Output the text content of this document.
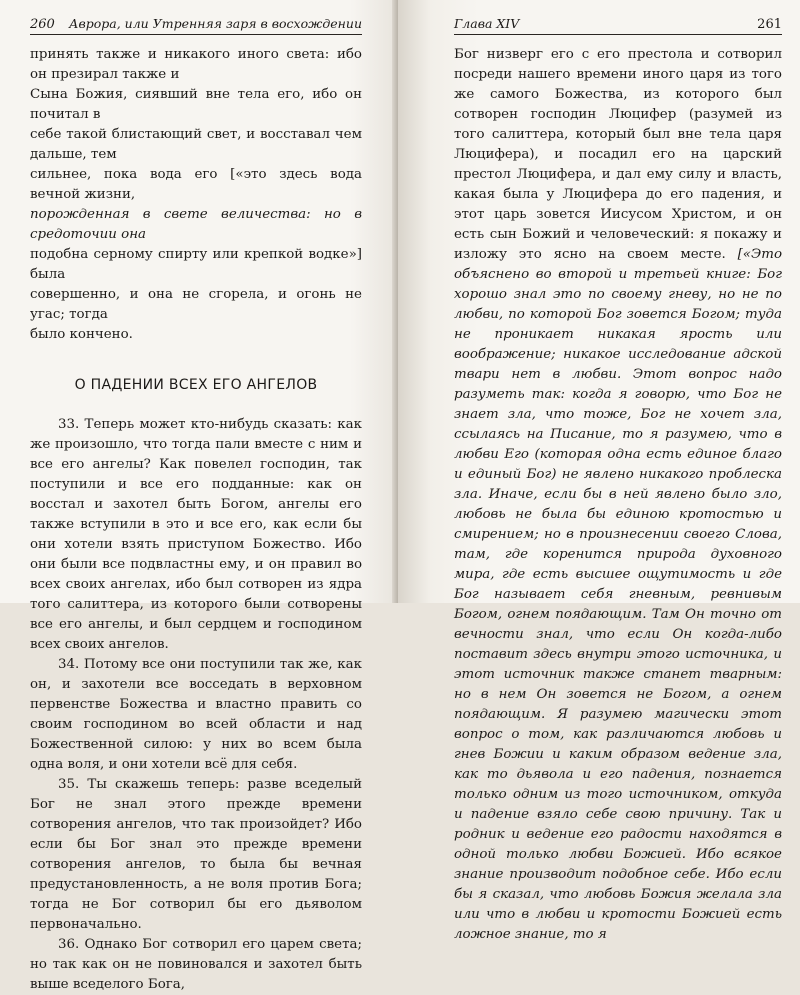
260 Аврора, или Утренняя заря в восхождении

принять также и никакого иного света: ибо он презирал также и

Сына Божия, сиявший вне тела его, ибо он почитал в

себе такой блистающий свет, и восставал чем дальше, тем

сильнее, пока вода его [«это здесь вода вечной жизни,

порожденная в свете величества: но в средоточии она

подобна серному спирту или крепкой водке»] была

совершенно, и она не сгорела, и огонь не угас; тогда

было кончено.

О ПАДЕНИИ ВСЕХ ЕГО АНГЕЛОВ

33. Теперь может кто-нибудь сказать: как же произошло, что тогда пали вместе с ним и все его ангелы? Как повелел господин, так поступили и все его подданные: как он восстал и захотел быть Богом, ангелы его также вступили в это и все его, как если бы они хотели взять приступом Божество. Ибо они были все подвластны ему, и он правил во всех своих ангелах, ибо был сотворен из ядра того салиттера, из которого были сотворены все его ангелы, и был сердцем и господином всех своих ангелов.

34. Потому все они поступили так же, как он, и захотели все восседать в верховном первенстве Божества и властно править со своим господином во всей области и над Божественной силою: у них во всем была одна воля, и они хотели всё для себя.

35. Ты скажешь теперь: разве вседелый Бог не знал этого прежде времени сотворения ангелов, что так произойдет? Ибо если бы Бог знал это прежде времени сотворения ангелов, то была бы вечная предустановленность, а не воля против Бога; тогда не Бог сотворил бы его дьяволом первоначально.

36. Однако Бог сотворил его царем света; но так как он не повиновался и захотел быть выше вседелого Бога,

Глава XIV	261

Бог низверг его с его престола и сотворил посреди нашего времени иного царя из того же самого Божества, из которого был сотворен господин Люцифер (разумей из того салиттера, который был вне тела царя Люцифера), и посадил его на царский престол Люцифера, и дал ему силу и власть, какая была у Люцифера до его падения, и этот царь зовется Иисусом Христом, и он есть сын Божий и человеческий: я покажу и изложу это ясно на своем месте. [«Это объяснено во второй и третьей книге: Бог хорошо знал это по своему гневу, но не по любви, по которой Бог зовется Богом; туда не проникает никакая ярость или воображение; никакое исследование адской твари нет в любви. Этот вопрос надо разуметь так: когда я говорю, что Бог не знает зла, что тоже, Бог не хочет зла, ссылаясь на Писание, то я разумею, что в любви Его (которая одна есть единое благо и единый Бог) не явлено никакого проблеска зла. Иначе, если бы в ней явлено было зло, любовь не была бы единою кротостью и смирением; но в произнесении своего Слова, там, где коренится природа духовного мира, где есть высшее ощутимость и где Бог называет себя гневным, ревнивым Богом, огнем поядающим. Там Он точно от вечности знал, что если Он когда-либо поставит здесь внутри этого источника, и этот источник также станет тварным: но в нем Он зовется не Богом, а огнем поядающим. Я разумею магически этот вопрос о том, как различаются любовь и гнев Божии и каким образом ведение зла, как то дьявола и его падения, познается только одним из того источником, откуда и падение взяло себе свою причину. Так и родник и ведение его радости находятся в одной только любви Божией. Ибо всякое знание производит подобное себе. Ибо если бы я сказал, что любовь Божия желала зла или что в любви и кротости Божией есть ложное знание, то я
